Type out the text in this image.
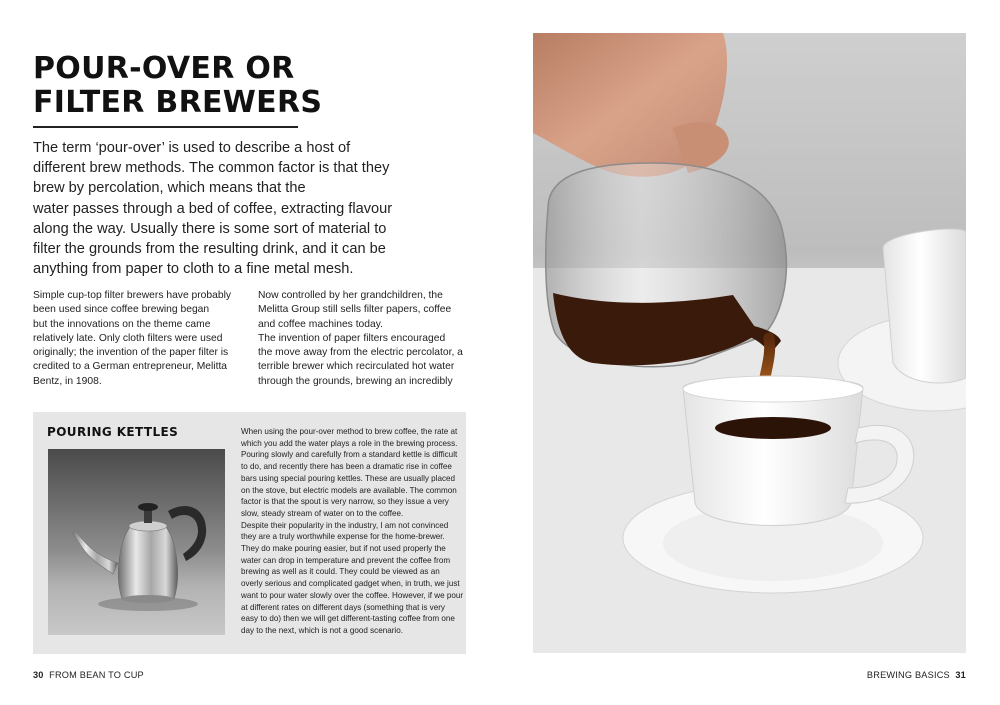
POUR-OVER OR
FILTER BREWERS

The term ‘pour-over’ is used to describe a host of
different brew methods. The common factor is that they
brew by percolation, which means that the
water passes through a bed of coffee, extracting flavour
along the way. Usually there is some sort of material to
filter the grounds from the resulting drink, and it can be
anything from paper to cloth to a fine metal mesh.

Simple cup-top filter brewers have probably
been used since coffee brewing began
but the innovations on the theme came
relatively late. Only cloth filters were used
originally; the invention of the paper filter is
credited to a German entrepreneur, Melitta
Bentz, in 1908.

Now controlled by her grandchildren, the
Melitta Group still sells filter papers, coffee
and coffee machines today.
The invention of paper filters encouraged
the move away from the electric percolator, a
terrible brewer which recirculated hot water
through the grounds, brewing an incredibly

POURING KETTLES	When using the pour-over method to brew coffee, the rate at
which you add the water plays a role in the brewing process.
Pouring slowly and carefully from a standard kettle is difficult
to do, and recently there has been a dramatic rise in coffee
bars using special pouring kettles. These are usually placed
on the stove, but electric models are available. The common
factor is that the spout is very narrow, so they issue a very
slow, steady stream of water on to the coffee.
Despite their popularity in the industry, I am not convinced
they are a truly worthwhile expense for the home-brewer.
They do make pouring easier, but if not used properly the
water can drop in temperature and prevent the coffee from
brewing as well as it could. They could be viewed as an
overly serious and complicated gadget when, in truth, we just
want to pour water slowly over the coffee. However, if we pour
at different rates on different days (something that is very
easy to do) then we will get different-tasting coffee from one
day to the next, which is not a good scenario.

30 FROM BEAN TO CUP	BREWING BASICS 31
